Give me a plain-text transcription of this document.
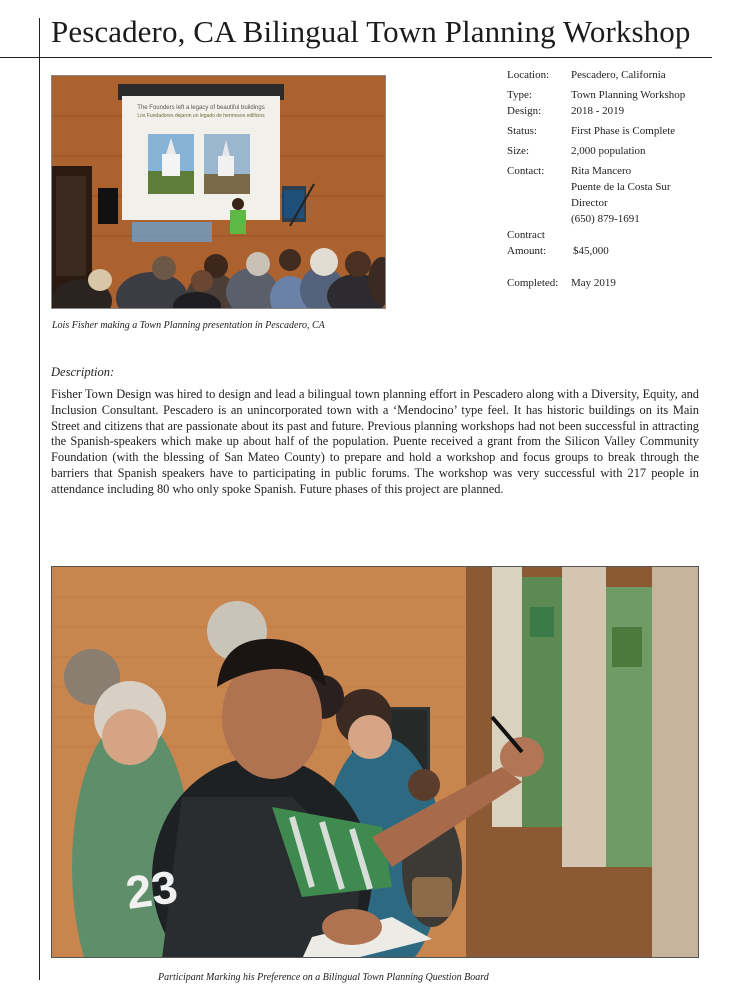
Pescadero, CA Bilingual Town Planning Workshop
The Founders left a legacy of beautiful buildings
Los Fundadores dejaron un legado de hermosos edificios
Lois Fisher making a Town Planning presentation in Pescadero, CA
Location:	Pescadero, California
Type:	Town Planning Workshop
Design:	2018 - 2019
Status:	First Phase is Complete
Size:	2,000 population
Contact:	Rita Mancero
Puente de la Costa Sur
Director
(650) 879-1691
Contract
Amount:	$45,000
Completed:	May 2019
Description:

Fisher Town Design was hired to design and lead a bilingual town planning effort in Pescadero along with a Diversity, Equity, and Inclusion Consultant. Pescadero is an unincorporated town with a ‘Mendocino’ type feel. It has historic buildings on its Main Street and citizens that are passionate about its past and future. Previous planning workshops had not been successful in attracting the Spanish-speakers which make up about half of the population. Puente received a grant from the Silicon Valley Community Foundation (with the blessing of San Mateo County) to prepare and hold a workshop and focus groups to break through the barriers that Spanish speakers have to participating in public forums. The workshop was very successful with 217 people in attendance including 80 who only spoke Spanish. Future phases of this project are planned.

23
Participant Marking his Preference on a Bilingual Town Planning Question Board
